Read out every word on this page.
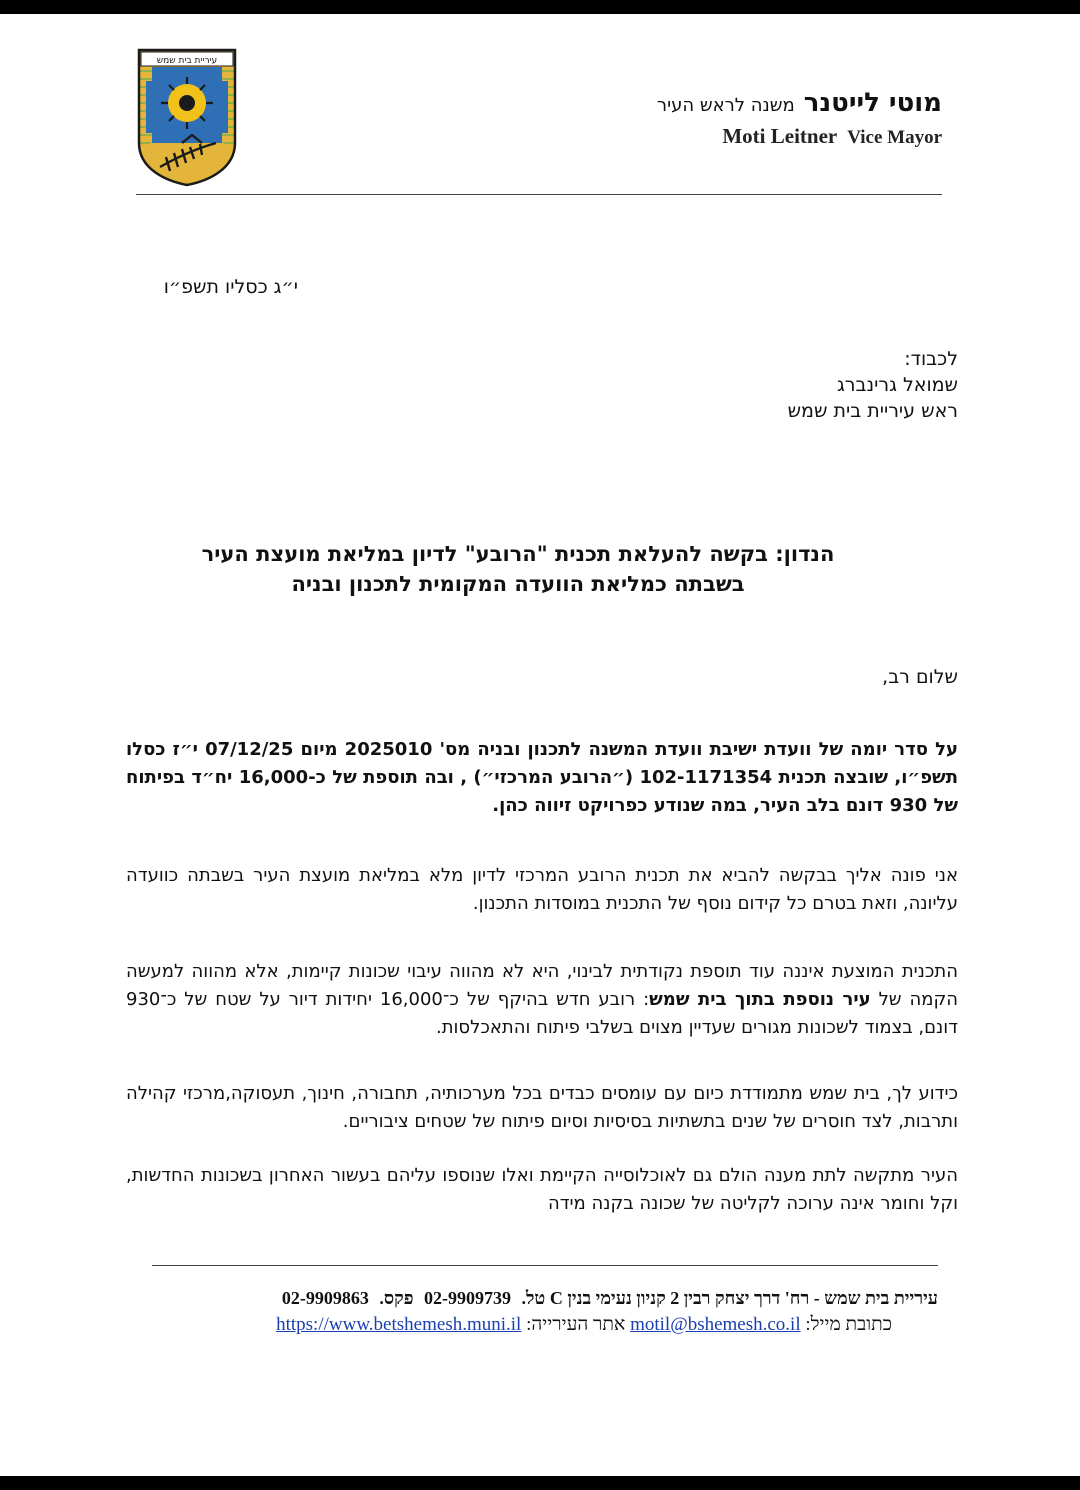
עיריית בית שמש
מוטי לייטנר משנה לראש העיר
Moti Leitner Vice Mayor
י״ג כסליו תשפ״ו
לכבוד:
שמואל גרינברג
ראש עיריית בית שמש
הנדון: בקשה להעלאת תכנית "הרובע" לדיון במליאת מועצת העיר
בשבתה כמליאת הוועדה המקומית לתכנון ובניה
שלום רב,
על סדר יומה של וועדת ישיבת וועדת המשנה לתכנון ובניה מס' 2025010 מיום 07/12/25 י״ז כסלו תשפ״ו, שובצה תכנית 102-1171354 (״הרובע המרכזי״) , ובה תוספת של כ-16,000 יח״ד בפיתוח של 930 דונם בלב העיר, במה שנודע כפרויקט זיווה כהן.
אני פונה אליך בבקשה להביא את תכנית הרובע המרכזי לדיון מלא במליאת מועצת העיר בשבתה כוועדה עליונה, וזאת בטרם כל קידום נוסף של התכנית במוסדות התכנון.
התכנית המוצעת איננה עוד תוספת נקודתית לבינוי, היא לא מהווה עיבוי שכונות קיימות, אלא מהווה למעשה הקמה של עיר נוספת בתוך בית שמש: רובע חדש בהיקף של כ־16,000 יחידות דיור על שטח של כ־930 דונם, בצמוד לשכונות מגורים שעדיין מצוים בשלבי פיתוח והתאכלסות.
כידוע לך, בית שמש מתמודדת כיום עם עומסים כבדים בכל מערכותיה, תחבורה, חינוך, תעסוקה,מרכזי קהילה ותרבות, לצד חוסרים של שנים בתשתיות בסיסיות וסיום פיתוח של שטחים ציבוריים.
העיר מתקשה לתת מענה הולם גם לאוכלוסייה הקיימת ואלו שנוספו עליהם בעשור האחרון בשכונות החדשות, וקל וחומר אינה ערוכה לקליטה של שכונה בקנה מידה
עיריית בית שמש - רח' דרך יצחק רבין 2 קניון נעימי בנין C טל. 02-9909739 פקס. 02-9909863
כתובת מייל: motil@bshemesh.co.il אתר העירייה: https://www.betshemesh.muni.il
